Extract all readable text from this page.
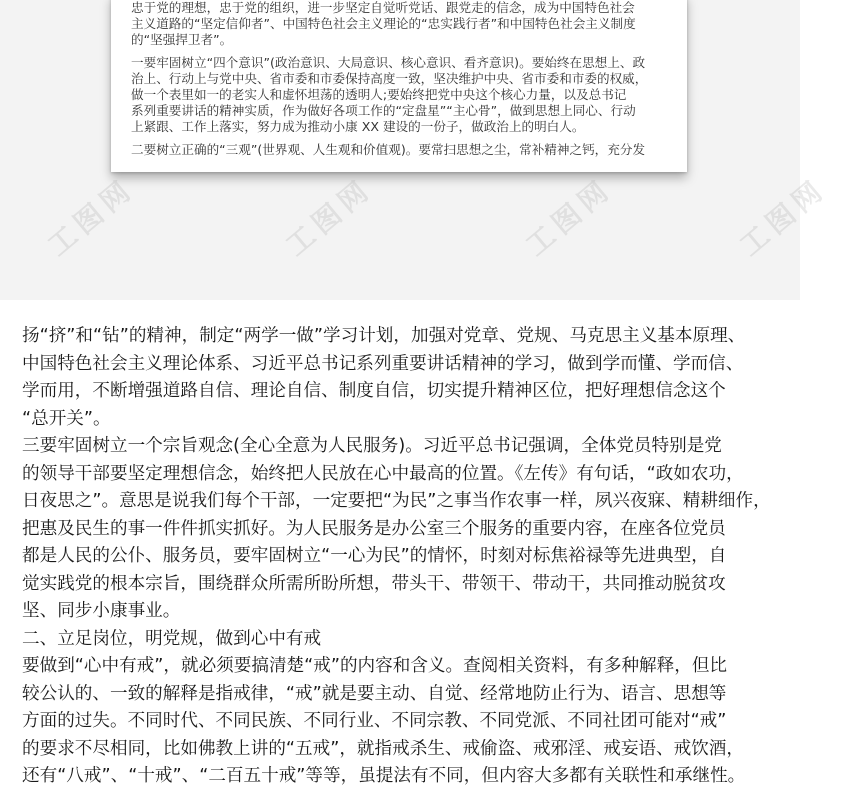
忠于党的理想，忠于党的组织，进一步坚定自觉听党话、跟党走的信念，成为中国特色社会
主义道路的“坚定信仰者”、中国特色社会主义理论的“忠实践行者”和中国特色社会主义制度
的“坚强捍卫者”。
一要牢固树立“四个意识”(政治意识、大局意识、核心意识、看齐意识)。要始终在思想上、政
治上、行动上与党中央、省市委和市委保持高度一致，坚决维护中央、省市委和市委的权威，
做一个表里如一的老实人和虚怀坦荡的透明人;要始终把党中央这个核心力量，以及总书记
系列重要讲话的精神实质，作为做好各项工作的“定盘星”“主心骨”，做到思想上同心、行动
上紧跟、工作上落实，努力成为推动小康 XX 建设的一份子，做政治上的明白人。
二要树立正确的“三观”(世界观、人生观和价值观)。要常扫思想之尘，常补精神之钙，充分发
工图网	工图网	工图网	工图网
扬“挤”和“钻”的精神，制定“两学一做”学习计划，加强对党章、党规、马克思主义基本原理、
中国特色社会主义理论体系、习近平总书记系列重要讲话精神的学习，做到学而懂、学而信、
学而用，不断增强道路自信、理论自信、制度自信，切实提升精神区位，把好理想信念这个
“总开关”。
三要牢固树立一个宗旨观念(全心全意为人民服务)。习近平总书记强调，全体党员特别是党
的领导干部要坚定理想信念，始终把人民放在心中最高的位置。《左传》有句话，“政如农功，
日夜思之”。意思是说我们每个干部，一定要把“为民”之事当作农事一样，夙兴夜寐、精耕细作，
把惠及民生的事一件件抓实抓好。为人民服务是办公室三个服务的重要内容，在座各位党员
都是人民的公仆、服务员，要牢固树立“一心为民”的情怀，时刻对标焦裕禄等先进典型，自
觉实践党的根本宗旨，围绕群众所需所盼所想，带头干、带领干、带动干，共同推动脱贫攻
坚、同步小康事业。
二、立足岗位，明党规，做到心中有戒
要做到“心中有戒”，就必须要搞清楚“戒”的内容和含义。查阅相关资料，有多种解释，但比
较公认的、一致的解释是指戒律，“戒”就是要主动、自觉、经常地防止行为、语言、思想等
方面的过失。不同时代、不同民族、不同行业、不同宗教、不同党派、不同社团可能对“戒”
的要求不尽相同，比如佛教上讲的“五戒”，就指戒杀生、戒偷盗、戒邪淫、戒妄语、戒饮酒，
还有“八戒”、“十戒”、“二百五十戒”等等，虽提法有不同，但内容大多都有关联性和承继性。
